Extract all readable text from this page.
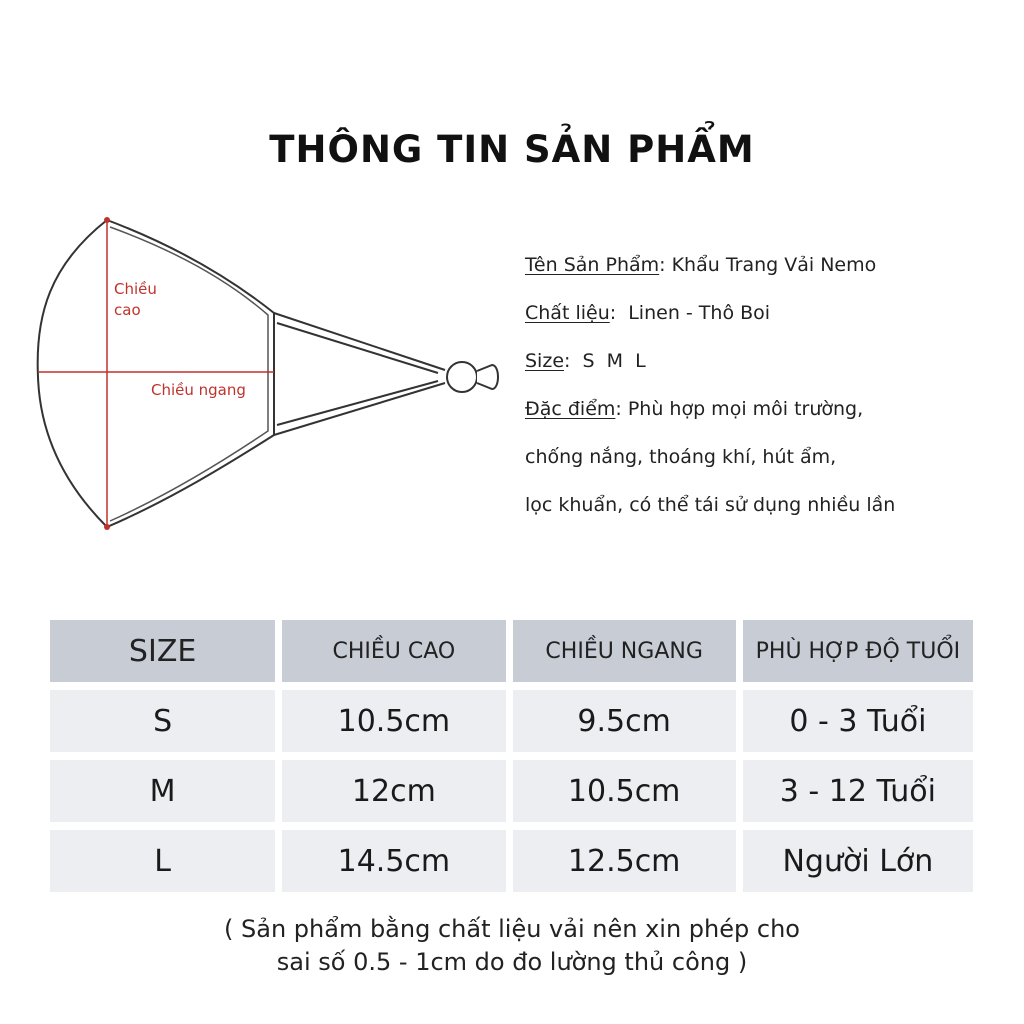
THÔNG TIN SẢN PHẨM
Chiều
cao
Chiều ngang
Tên Sản Phẩm: Khẩu Trang Vải Nemo
Chất liệu:  Linen - Thô Boi
Size:  S  M  L
Đặc điểm: Phù hợp mọi môi trường,
chống nắng, thoáng khí, hút ẩm,
lọc khuẩn, có thể tái sử dụng nhiều lần
SIZE	CHIỀU CAO	CHIỀU NGANG	PHÙ HỢP ĐỘ TUỔI
S	10.5cm	9.5cm	0 - 3 Tuổi
M	12cm	10.5cm	3 - 12 Tuổi
L	14.5cm	12.5cm	Người Lớn
( Sản phẩm bằng chất liệu vải nên xin phép cho
sai số 0.5 - 1cm do đo lường thủ công )
